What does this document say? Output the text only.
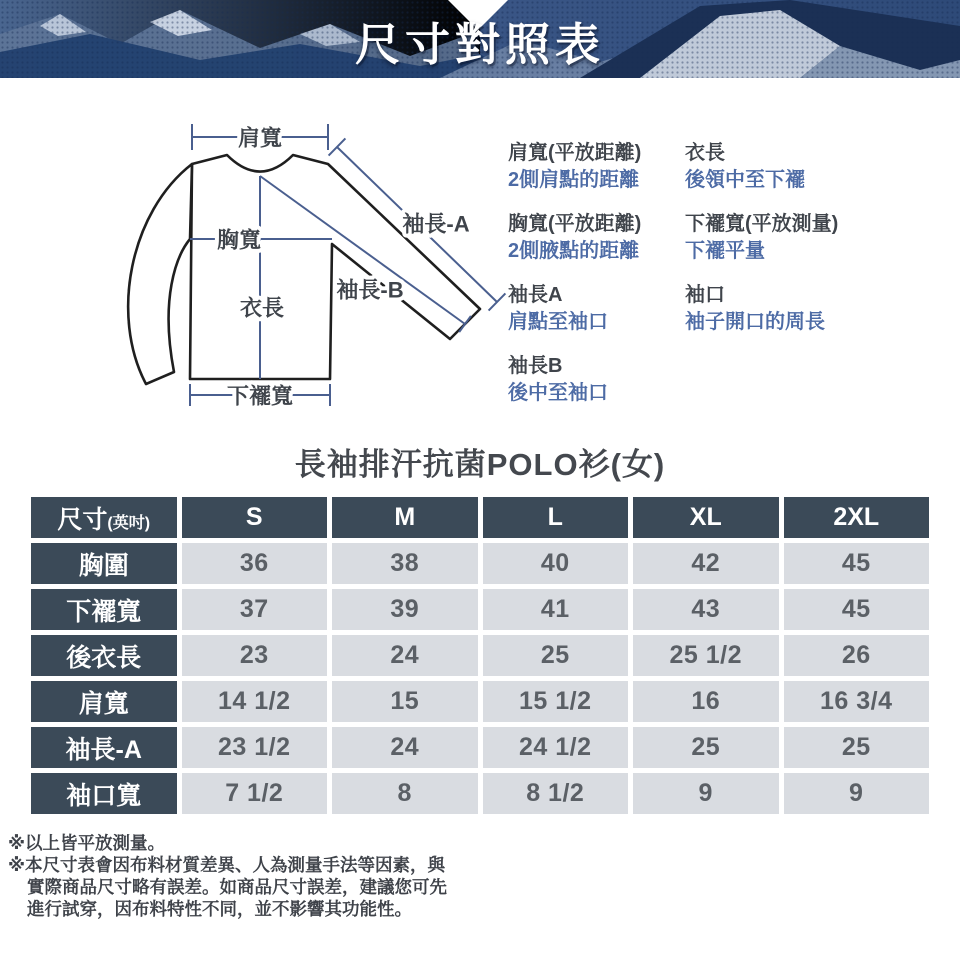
尺寸對照表
肩寬
胸寬
衣長
下襬寬
袖長-A
袖長-B
肩寬(平放距離)
2側肩點的距離
胸寬(平放距離)
2側腋點的距離
袖長A
肩點至袖口
袖長B
後中至袖口
衣長
後領中至下襬
下襬寬(平放測量)
下襬平量
袖口
袖子開口的周長
長袖排汗抗菌POLO衫(女)
尺寸(英吋)	S	M	L	XL	2XL
胸圍	36	38	40	42	45
下襬寬	37	39	41	43	45
後衣長	23	24	25	25 1/2	26
肩寬	14 1/2	15	15 1/2	16	16 3/4
袖長-A	23 1/2	24	24 1/2	25	25
袖口寬	7 1/2	8	8 1/2	9	9
※以上皆平放測量。
※本尺寸表會因布料材質差異、人為測量手法等因素，與
實際商品尺寸略有誤差。如商品尺寸誤差，建議您可先
進行試穿，因布料特性不同，並不影響其功能性。
